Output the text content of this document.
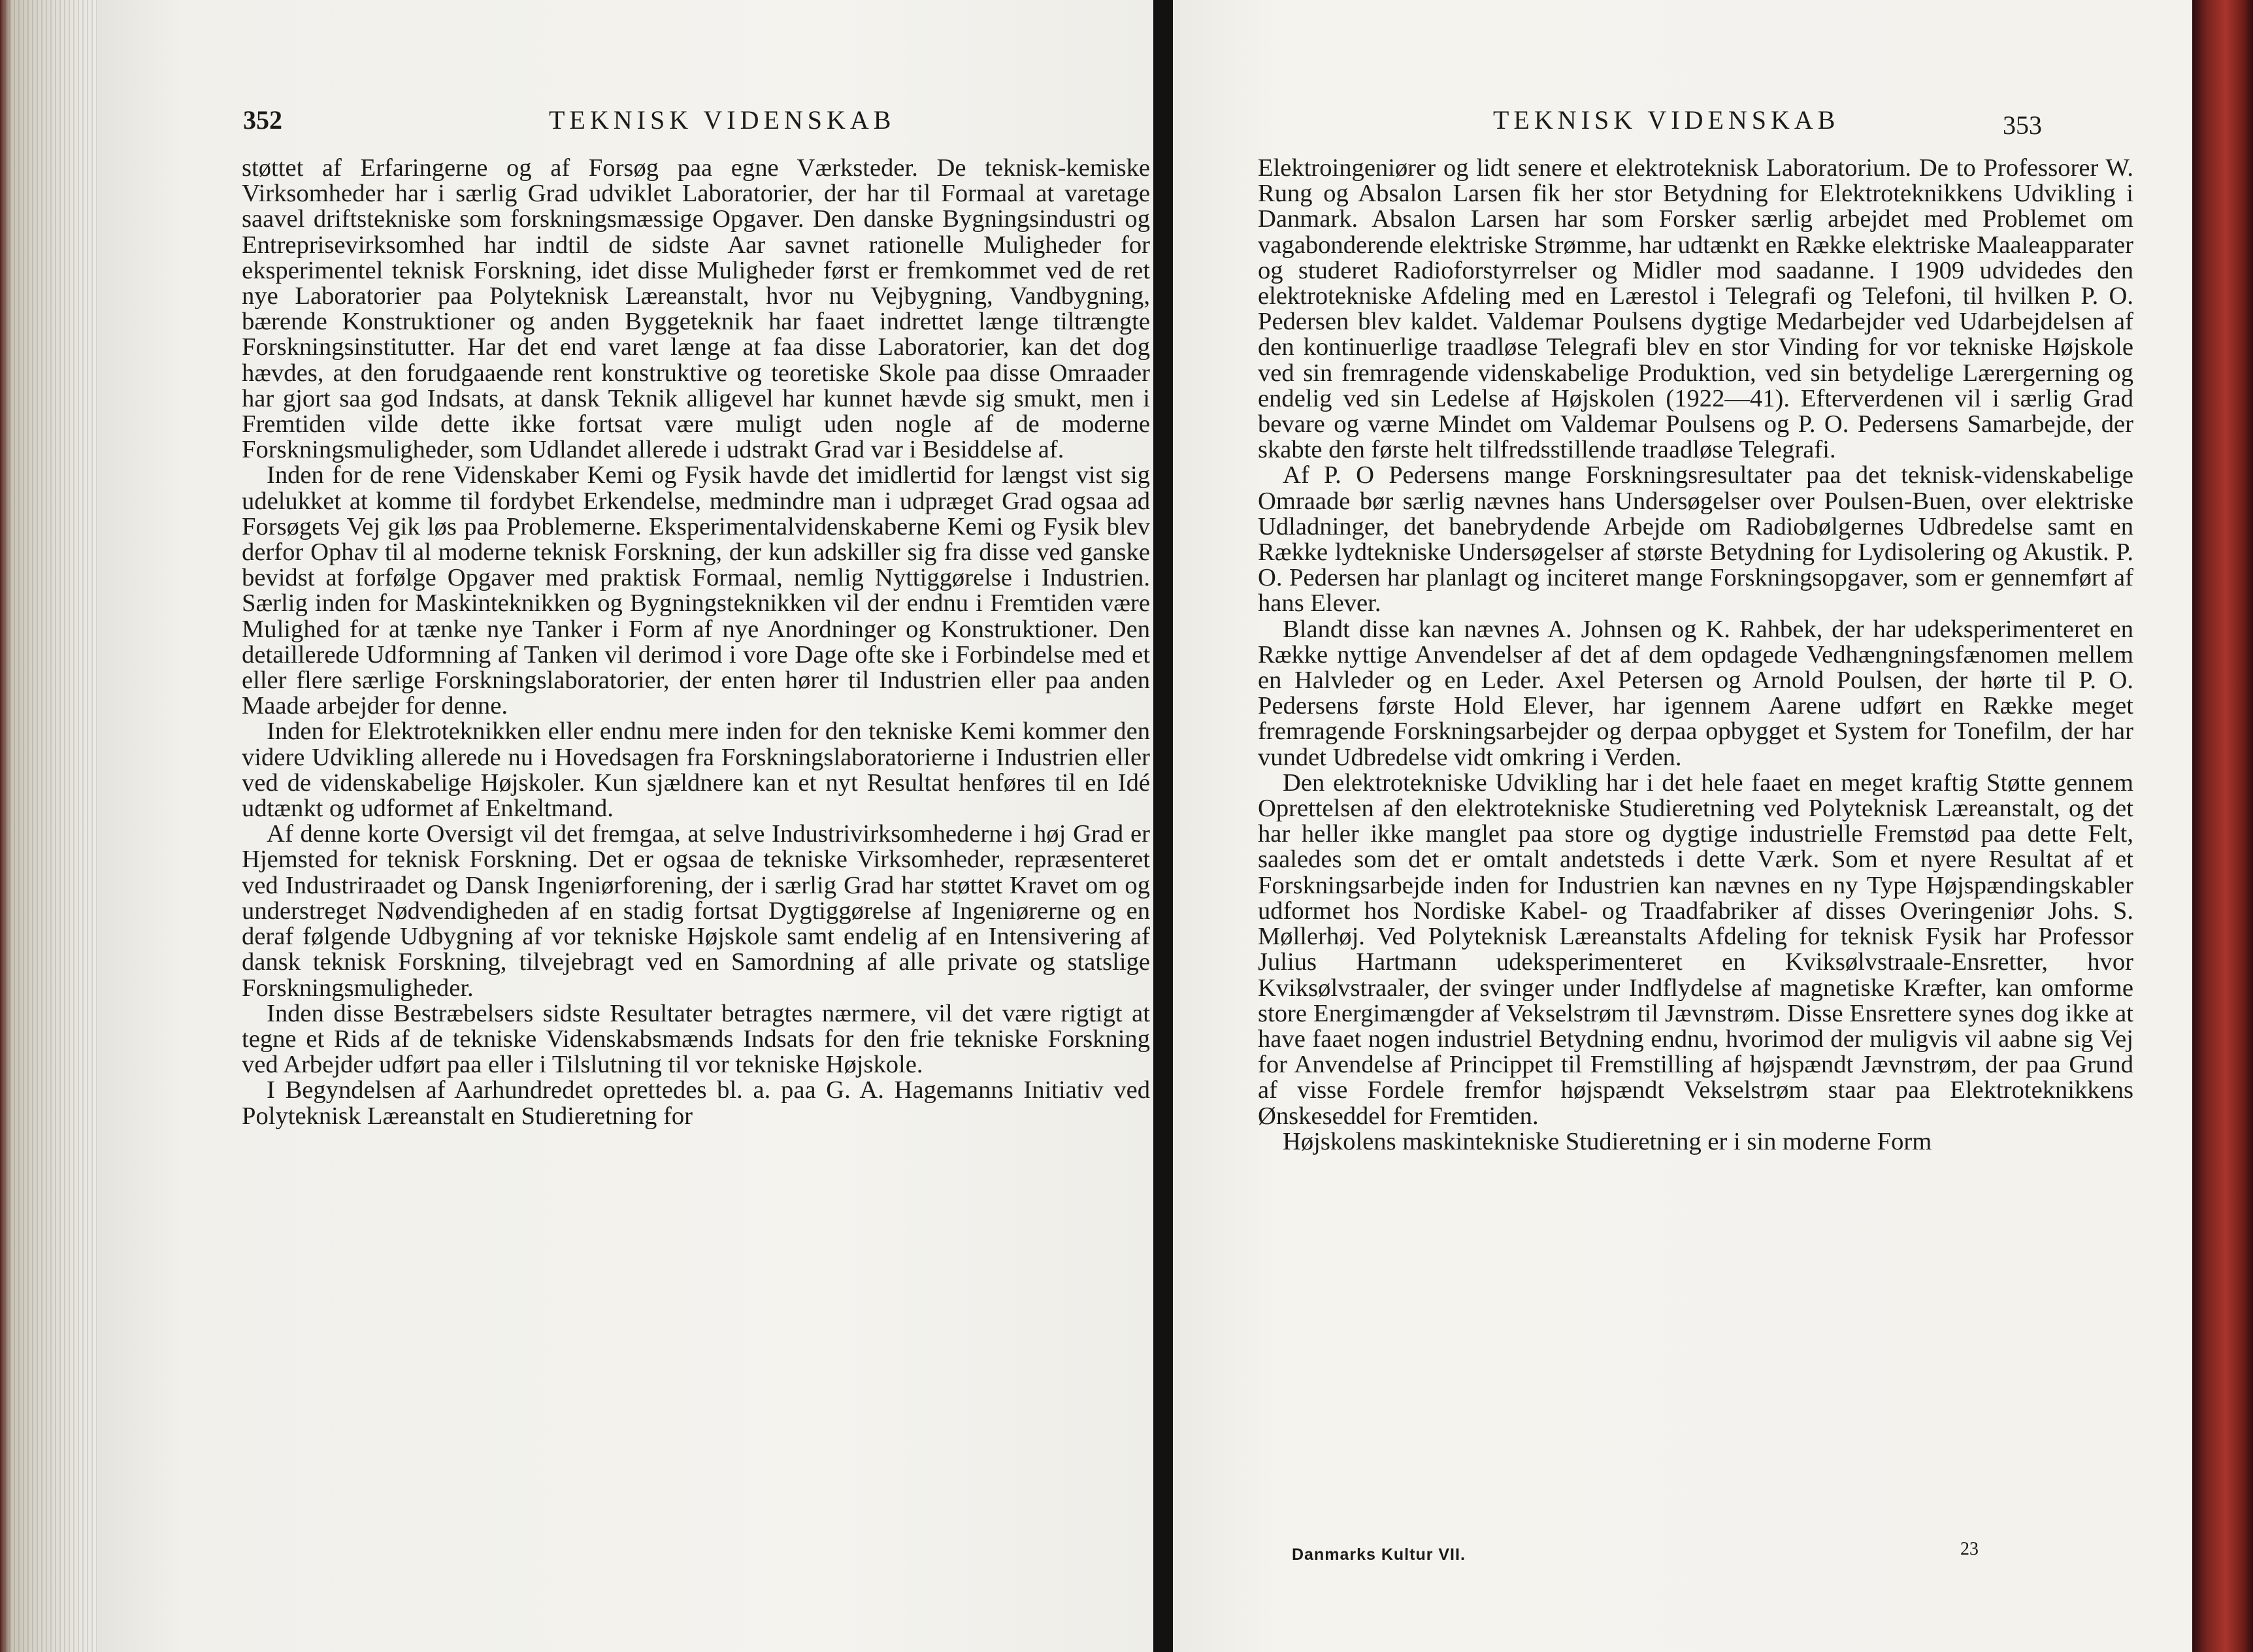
352	TEKNISK VIDENSKAB

støttet af Erfaringerne og af Forsøg paa egne Værksteder. De teknisk-kemiske Virksomheder har i særlig Grad udviklet Laboratorier, der har til Formaal at varetage saavel driftstekniske som forskningsmæssige Opgaver. Den danske Bygningsindustri og Entreprisevirksomhed har indtil de sidste Aar savnet rationelle Muligheder for eksperimentel teknisk Forskning, idet disse Muligheder først er fremkommet ved de ret nye Laboratorier paa Polyteknisk Læreanstalt, hvor nu Vejbygning, Vandbygning, bærende Konstruktioner og anden Byggeteknik har faaet indrettet længe tiltrængte Forskningsinstitutter. Har det end varet længe at faa disse Laboratorier, kan det dog hævdes, at den forudgaaende rent konstruktive og teoretiske Skole paa disse Omraader har gjort saa god Indsats, at dansk Teknik alligevel har kunnet hævde sig smukt, men i Fremtiden vilde dette ikke fortsat være muligt uden nogle af de moderne Forskningsmuligheder, som Udlandet allerede i udstrakt Grad var i Besiddelse af.

Inden for de rene Videnskaber Kemi og Fysik havde det imidlertid for længst vist sig udelukket at komme til fordybet Erkendelse, medmindre man i udpræget Grad ogsaa ad Forsøgets Vej gik løs paa Problemerne. Eksperimentalvidenskaberne Kemi og Fysik blev derfor Ophav til al moderne teknisk Forskning, der kun adskiller sig fra disse ved ganske bevidst at forfølge Opgaver med praktisk Formaal, nemlig Nyttiggørelse i Industrien. Særlig inden for Maskinteknikken og Bygningsteknikken vil der endnu i Fremtiden være Mulighed for at tænke nye Tanker i Form af nye Anordninger og Konstruktioner. Den detaillerede Udformning af Tanken vil derimod i vore Dage ofte ske i Forbindelse med et eller flere særlige Forskningslaboratorier, der enten hører til Industrien eller paa anden Maade arbejder for denne.

Inden for Elektroteknikken eller endnu mere inden for den tekniske Kemi kommer den videre Udvikling allerede nu i Hovedsagen fra Forskningslaboratorierne i Industrien eller ved de videnskabelige Højskoler. Kun sjældnere kan et nyt Resultat henføres til en Idé udtænkt og udformet af Enkeltmand.

Af denne korte Oversigt vil det fremgaa, at selve Industrivirksomhederne i høj Grad er Hjemsted for teknisk Forskning. Det er ogsaa de tekniske Virksomheder, repræsenteret ved Industriraadet og Dansk Ingeniørforening, der i særlig Grad har støttet Kravet om og understreget Nødvendigheden af en stadig fortsat Dygtiggørelse af Ingeniørerne og en deraf følgende Udbygning af vor tekniske Højskole samt endelig af en Intensivering af dansk teknisk Forskning, tilvejebragt ved en Samordning af alle private og statslige Forskningsmuligheder.

Inden disse Bestræbelsers sidste Resultater betragtes nærmere, vil det være rigtigt at tegne et Rids af de tekniske Videnskabsmænds Indsats for den frie tekniske Forskning ved Arbejder udført paa eller i Tilslutning til vor tekniske Højskole.

I Begyndelsen af Aarhundredet oprettedes bl. a. paa G. A. Hagemanns Initiativ ved Polyteknisk Læreanstalt en Studieretning for

TEKNISK VIDENSKAB	353

Elektroingeniører og lidt senere et elektroteknisk Laboratorium. De to Professorer W. Rung og Absalon Larsen fik her stor Betydning for Elektroteknikkens Udvikling i Danmark. Absalon Larsen har som Forsker særlig arbejdet med Problemet om vagabonderende elektriske Strømme, har udtænkt en Række elektriske Maaleapparater og studeret Radioforstyrrelser og Midler mod saadanne. I 1909 udvidedes den elektrotekniske Afdeling med en Lærestol i Telegrafi og Telefoni, til hvilken P. O. Pedersen blev kaldet. Valdemar Poulsens dygtige Medarbejder ved Udarbejdelsen af den kontinuerlige traadløse Telegrafi blev en stor Vinding for vor tekniske Højskole ved sin fremragende videnskabelige Produktion, ved sin betydelige Lærergerning og endelig ved sin Ledelse af Højskolen (1922—41). Efterverdenen vil i særlig Grad bevare og værne Mindet om Valdemar Poulsens og P. O. Pedersens Samarbejde, der skabte den første helt tilfredsstillende traadløse Telegrafi.

Af P. O Pedersens mange Forskningsresultater paa det teknisk-videnskabelige Omraade bør særlig nævnes hans Undersøgelser over Poulsen-Buen, over elektriske Udladninger, det banebrydende Arbejde om Radiobølgernes Udbredelse samt en Række lydtekniske Undersøgelser af største Betydning for Lydisolering og Akustik. P. O. Pedersen har planlagt og inciteret mange Forskningsopgaver, som er gennemført af hans Elever.

Blandt disse kan nævnes A. Johnsen og K. Rahbek, der har udeksperimenteret en Række nyttige Anvendelser af det af dem opdagede Vedhængningsfænomen mellem en Halvleder og en Leder. Axel Petersen og Arnold Poulsen, der hørte til P. O. Pedersens første Hold Elever, har igennem Aarene udført en Række meget fremragende Forskningsarbejder og derpaa opbygget et System for Tonefilm, der har vundet Udbredelse vidt omkring i Verden.

Den elektrotekniske Udvikling har i det hele faaet en meget kraftig Støtte gennem Oprettelsen af den elektrotekniske Studieretning ved Polyteknisk Læreanstalt, og det har heller ikke manglet paa store og dygtige industrielle Fremstød paa dette Felt, saaledes som det er omtalt andetsteds i dette Værk. Som et nyere Resultat af et Forskningsarbejde inden for Industrien kan nævnes en ny Type Højspændingskabler udformet hos Nordiske Kabel- og Traadfabriker af disses Overingeniør Johs. S. Møllerhøj. Ved Polyteknisk Læreanstalts Afdeling for teknisk Fysik har Professor Julius Hartmann udeksperimenteret en Kviksølvstraale-Ensretter, hvor Kviksølvstraaler, der svinger under Indflydelse af magnetiske Kræfter, kan omforme store Energimængder af Vekselstrøm til Jævnstrøm. Disse Ensrettere synes dog ikke at have faaet nogen industriel Betydning endnu, hvorimod der muligvis vil aabne sig Vej for Anvendelse af Princippet til Fremstilling af højspændt Jævnstrøm, der paa Grund af visse Fordele fremfor højspændt Vekselstrøm staar paa Elektroteknikkens Ønskeseddel for Fremtiden.

Højskolens maskintekniske Studieretning er i sin moderne Form

Danmarks Kultur VII.	23
